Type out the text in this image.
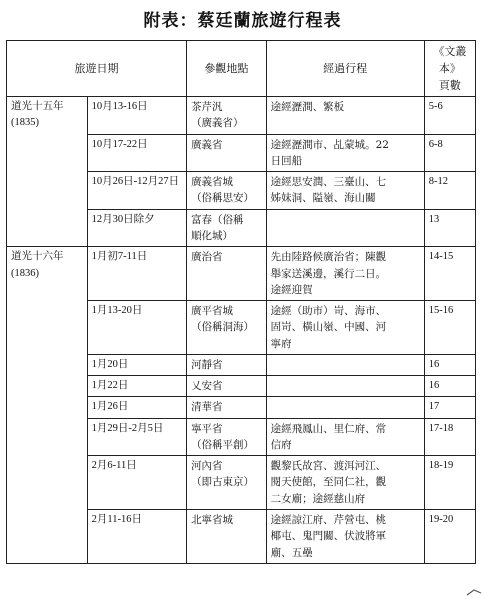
附表：蔡廷蘭旅遊行程表
旅遊日期		參觀地點	經過行程	《文叢本》
頁數

道光十五年
(1835)	10月13-16日	茶芹汎
（廣義省）	途經瀝澗、繁板	5-6
	10月17-22日	廣義省	途經瀝澗市、乩蒙城。22
日回船	6-8
	10月26日-12月27日	廣義省城
（俗稱思安）	途經思安潤、三臺山、七
姊妹洞、隘嶺、海山關	8-12
	12月30日除夕	富春（俗稱
順化城）		13

道光十六年
(1836)	1月初7-11日	廣治省	先由陸路候廣治省；陳觀
舉家送溪邊，溪行二日。
途經迎賀	14-15
	1月13-20日	廣平省城
（俗稱洞海）	途經（助市）岢、海市、
固岢、橫山嶺、中國、河
寧府	15-16
	1月20日	河靜省		16
	1月22日	乂安省		16
	1月26日	清華省		17
	1月29日-2月5日	寧平省
（俗稱平創）	途經飛鳳山、里仁府、常
信府	17-18
	2月6-11日	河內省
（即古東京）	觀黎氏故宮、渡洱河江、
閱天使館，至同仁社，觀
二女廟；途經慈山府	18-19
	2月11-16日	北寧省城	途經諒江府、芹營屯、桃
椰屯、鬼門關、伏波將軍
廟、五壘	19-20
